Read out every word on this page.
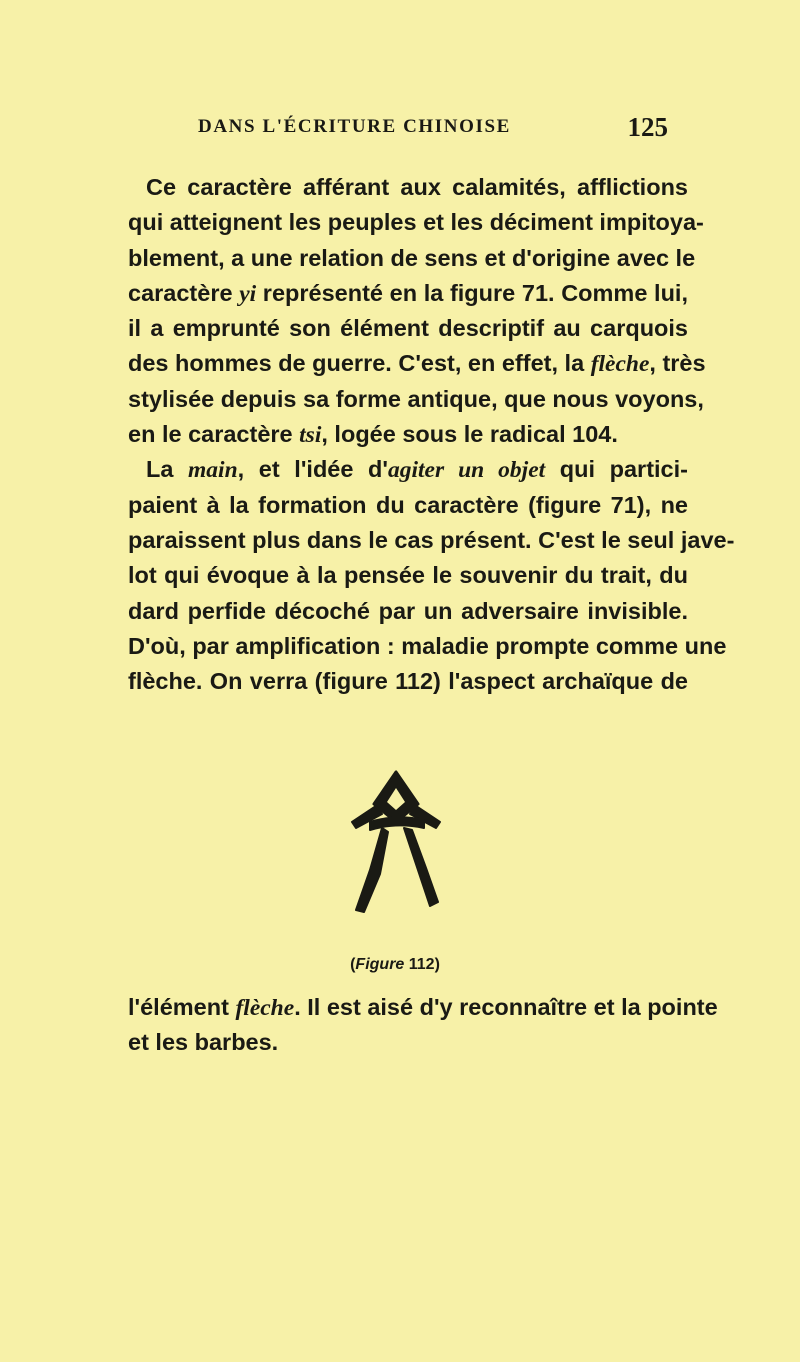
DANS L'ÉCRITURE CHINOISE	125
Ce caractère afférant aux calamités, afflictions
qui atteignent les peuples et les déciment impitoya-
blement, a une relation de sens et d'origine avec le
caractère yi représenté en la figure 71. Comme lui,
il a emprunté son élément descriptif au carquois
des hommes de guerre. C'est, en effet, la flèche, très
stylisée depuis sa forme antique, que nous voyons,
en le caractère tsi, logée sous le radical 104.
La main, et l'idée d'agiter un objet qui partici-
paient à la formation du caractère (figure 71), ne
paraissent plus dans le cas présent. C'est le seul jave-
lot qui évoque à la pensée le souvenir du trait, du
dard perfide décoché par un adversaire invisible.
D'où, par amplification : maladie prompte comme une
flèche. On verra (figure 112) l'aspect archaïque de
(Figure 112)
l'élément flèche. Il est aisé d'y reconnaître et la pointe
et les barbes.
